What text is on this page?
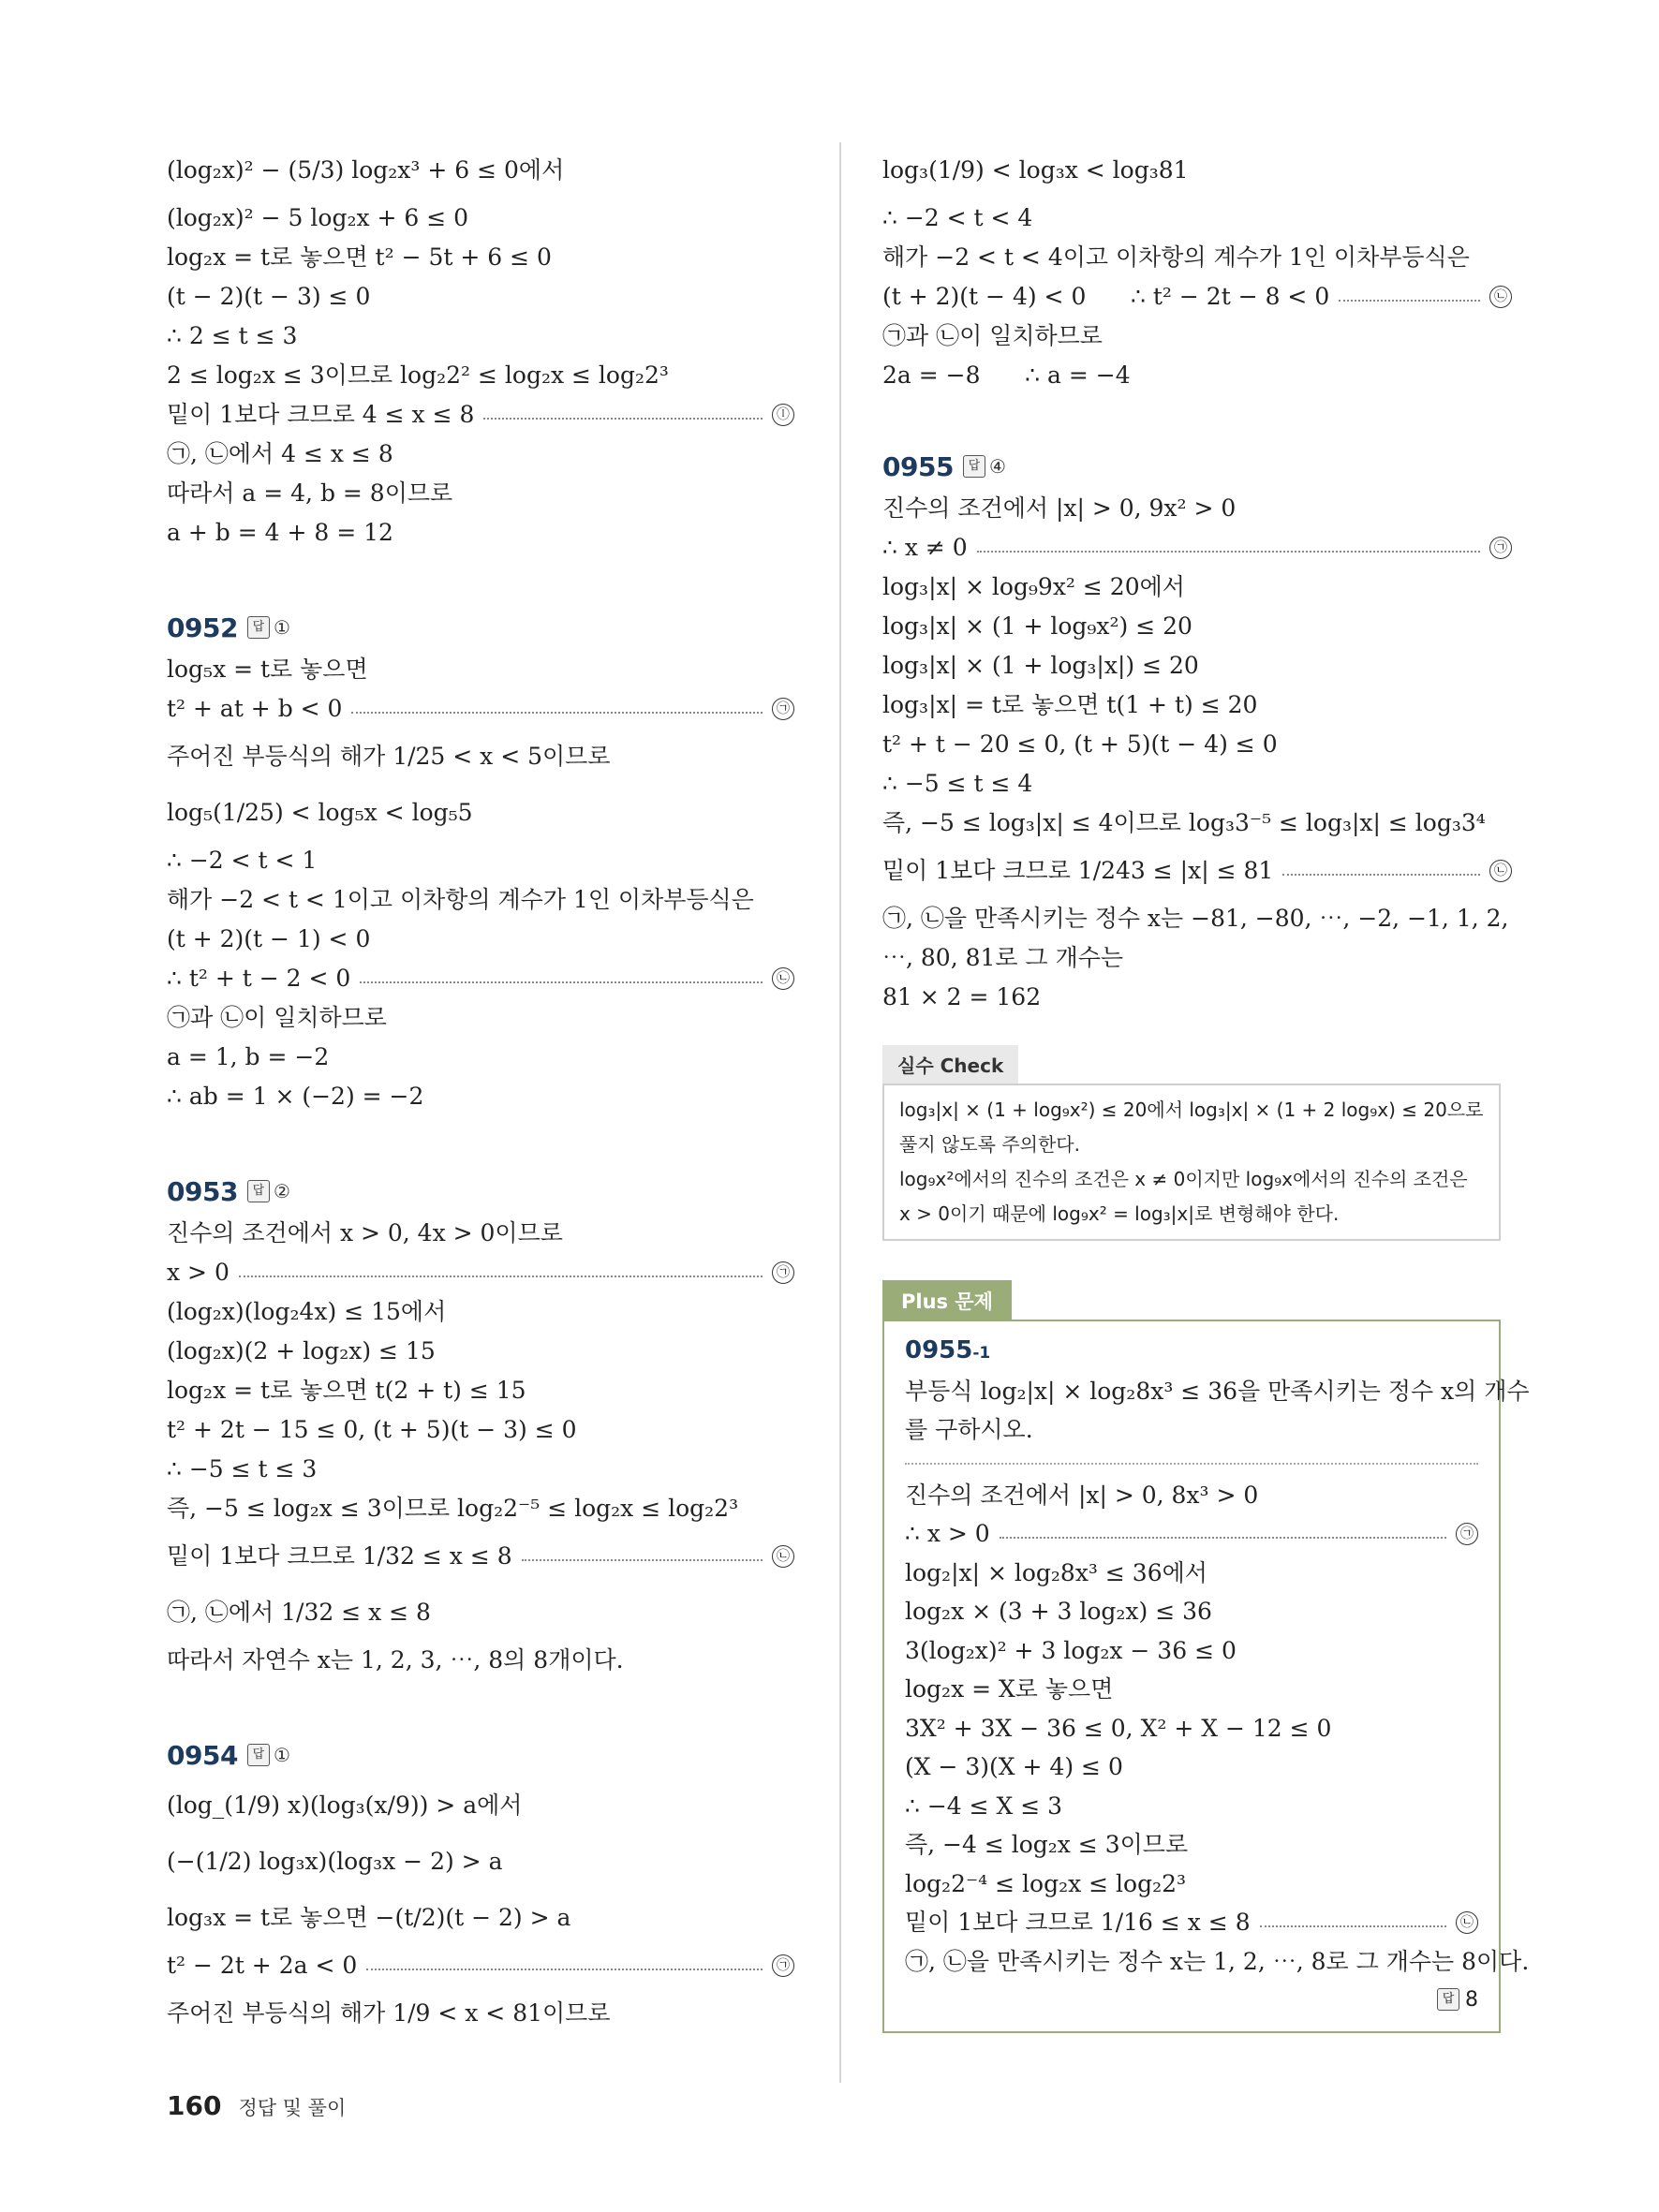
(log₂x)² − (5/3) log₂x³ + 6 ≤ 0에서
(log₂x)² − 5 log₂x + 6 ≤ 0
log₂x = t로 놓으면 t² − 5t + 6 ≤ 0
(t − 2)(t − 3) ≤ 0
∴ 2 ≤ t ≤ 3
2 ≤ log₂x ≤ 3이므로 log₂2² ≤ log₂x ≤ log₂2³
밑이 1보다 크므로 4 ≤ x ≤ 8	ⓛ
㉠, ㉡에서 4 ≤ x ≤ 8
따라서 a = 4, b = 8이므로
a + b = 4 + 8 = 12
0952	답 ①
log₅x = t로 놓으면
t² + at + b < 0	㉠
주어진 부등식의 해가 1/25 < x < 5이므로
log₅(1/25) < log₅x < log₅5
∴ −2 < t < 1
해가 −2 < t < 1이고 이차항의 계수가 1인 이차부등식은
(t + 2)(t − 1) < 0
∴ t² + t − 2 < 0	㉡
㉠과 ㉡이 일치하므로
a = 1, b = −2
∴ ab = 1 × (−2) = −2
0953	답 ②
진수의 조건에서 x > 0, 4x > 0이므로
x > 0	㉠
(log₂x)(log₂4x) ≤ 15에서
(log₂x)(2 + log₂x) ≤ 15
log₂x = t로 놓으면 t(2 + t) ≤ 15
t² + 2t − 15 ≤ 0, (t + 5)(t − 3) ≤ 0
∴ −5 ≤ t ≤ 3
즉, −5 ≤ log₂x ≤ 3이므로 log₂2⁻⁵ ≤ log₂x ≤ log₂2³
밑이 1보다 크므로 1/32 ≤ x ≤ 8	㉡
㉠, ㉡에서 1/32 ≤ x ≤ 8
따라서 자연수 x는 1, 2, 3, ⋯, 8의 8개이다.
0954	답 ①
(log_(1/9) x)(log₃(x/9)) > a에서
(−(1/2) log₃x)(log₃x − 2) > a
log₃x = t로 놓으면 −(t/2)(t − 2) > a
t² − 2t + 2a < 0	㉠
주어진 부등식의 해가 1/9 < x < 81이므로
log₃(1/9) < log₃x < log₃81
∴ −2 < t < 4
해가 −2 < t < 4이고 이차항의 계수가 1인 이차부등식은
(t + 2)(t − 4) < 0      ∴ t² − 2t − 8 < 0	㉡
㉠과 ㉡이 일치하므로
2a = −8      ∴ a = −4
0955	답 ④
진수의 조건에서 |x| > 0, 9x² > 0
∴ x ≠ 0	㉠
log₃|x| × log₉9x² ≤ 20에서
log₃|x| × (1 + log₉x²) ≤ 20
log₃|x| × (1 + log₃|x|) ≤ 20
log₃|x| = t로 놓으면 t(1 + t) ≤ 20
t² + t − 20 ≤ 0, (t + 5)(t − 4) ≤ 0
∴ −5 ≤ t ≤ 4
즉, −5 ≤ log₃|x| ≤ 4이므로 log₃3⁻⁵ ≤ log₃|x| ≤ log₃3⁴
밑이 1보다 크므로 1/243 ≤ |x| ≤ 81	㉡
㉠, ㉡을 만족시키는 정수 x는 −81, −80, ⋯, −2, −1, 1, 2,
⋯, 80, 81로 그 개수는
81 × 2 = 162
실수 Check
log₃|x| × (1 + log₉x²) ≤ 20에서 log₃|x| × (1 + 2 log₉x) ≤ 20으로
풀지 않도록 주의한다.
log₉x²에서의 진수의 조건은 x ≠ 0이지만 log₉x에서의 진수의 조건은
x > 0이기 때문에 log₉x² = log₃|x|로 변형해야 한다.
Plus 문제
0955-1
부등식 log₂|x| × log₂8x³ ≤ 36을 만족시키는 정수 x의 개수
를 구하시오.
진수의 조건에서 |x| > 0, 8x³ > 0
∴ x > 0	㉠
log₂|x| × log₂8x³ ≤ 36에서
log₂x × (3 + 3 log₂x) ≤ 36
3(log₂x)² + 3 log₂x − 36 ≤ 0
log₂x = X로 놓으면
3X² + 3X − 36 ≤ 0, X² + X − 12 ≤ 0
(X − 3)(X + 4) ≤ 0
∴ −4 ≤ X ≤ 3
즉, −4 ≤ log₂x ≤ 3이므로
log₂2⁻⁴ ≤ log₂x ≤ log₂2³
밑이 1보다 크므로 1/16 ≤ x ≤ 8	㉡
㉠, ㉡을 만족시키는 정수 x는 1, 2, ⋯, 8로 그 개수는 8이다.
답 8
160 정답 및 풀이
